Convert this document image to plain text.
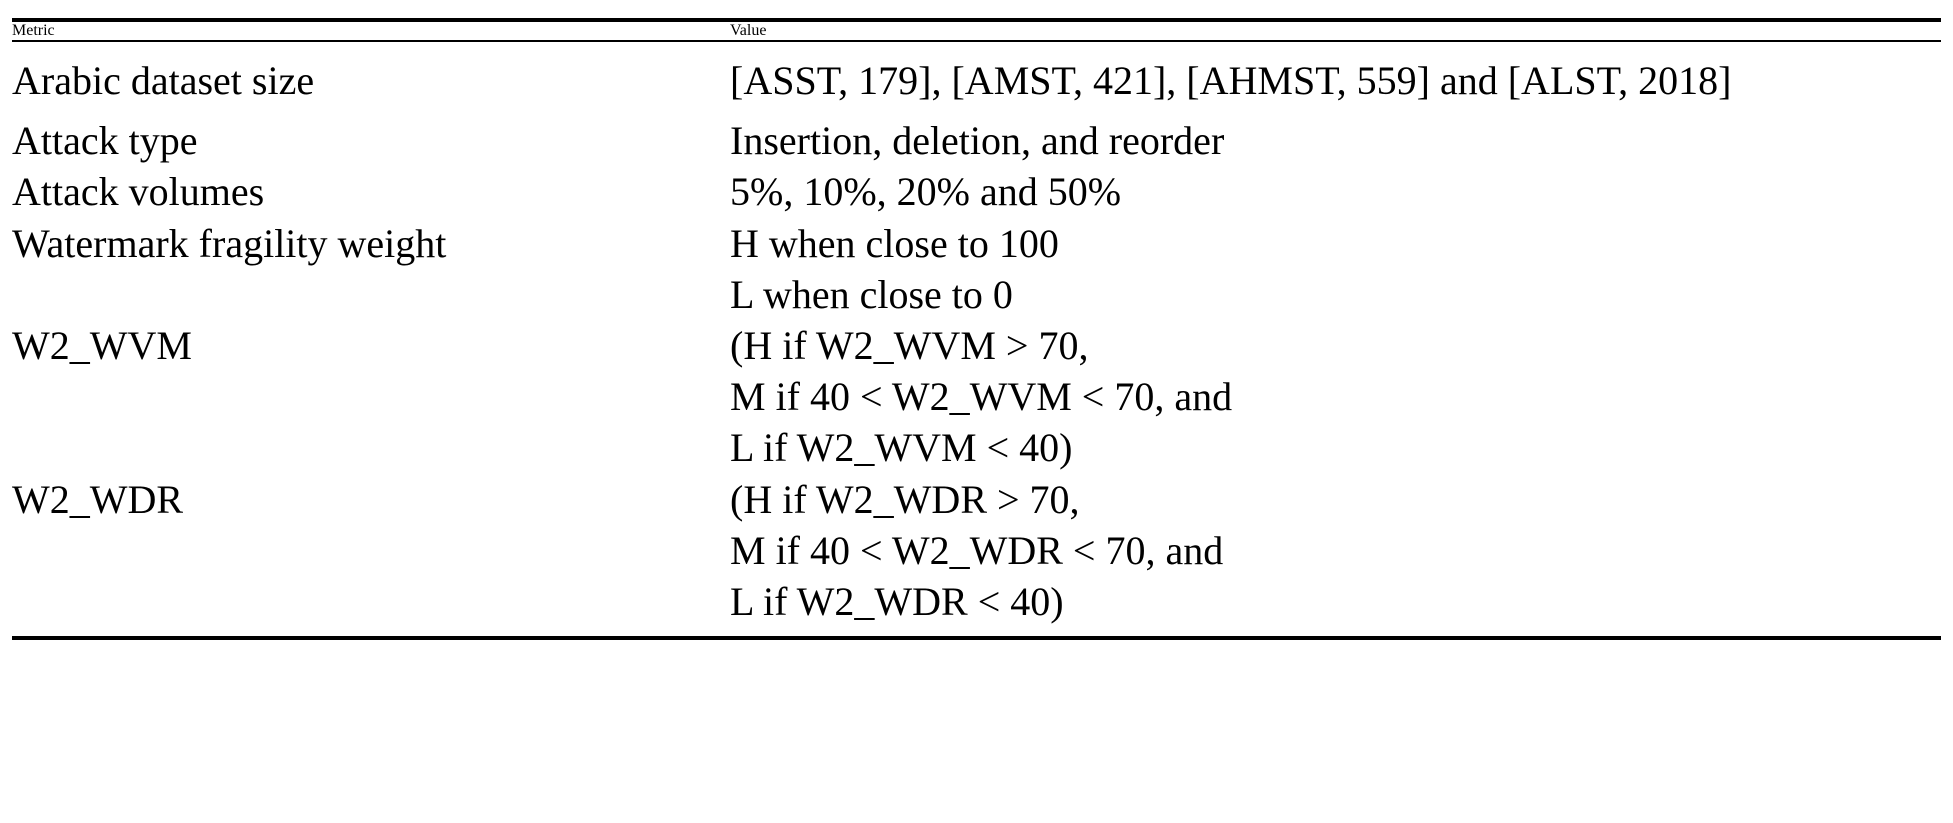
Metric	Value
Arabic dataset size	[ASST, 179], [AMST, 421], [AHMST, 559] and [ALST, 2018]

Attack type	Insertion, deletion, and reorder

Attack volumes	5%, 10%, 20% and 50%

Watermark fragility weight	H when close to 100
L when close to 0

W2_WVM	(H if W2_WVM > 70,
M if 40 < W2_WVM < 70, and
L if W2_WVM < 40)

W2_WDR	(H if W2_WDR > 70,
M if 40 < W2_WDR < 70, and
L if W2_WDR < 40)
